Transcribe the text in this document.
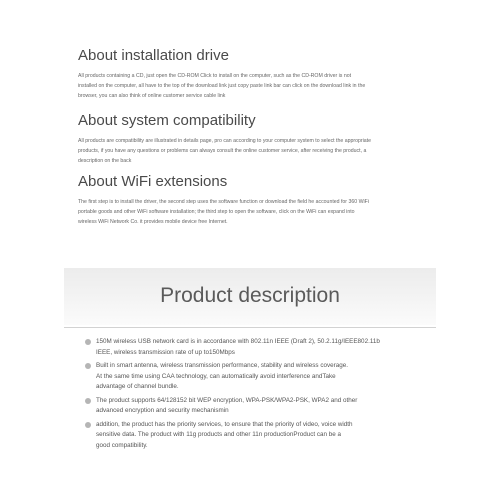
About installation drive

All products containing a CD, just open the CD-ROM Click to install on the computer, such as the CD-ROM driver is not
installed on the computer, all have to the top of the download link just copy paste link bar can click on the download link in the
browser, you can also think of online customer service cable link

About system compatibility

All products are compatibility are illustrated in details page, pro can according to your computer system to select the appropriate
products, if you have any questions or problems can always consult the online customer service, after receiving the product, a
description on the back

About WiFi extensions

The first step is to install the driver, the second step uses the software function or download the field he accounted for 360 WiFi
portable goods and other WiFi software installation; the third step to open the software, click on the WiFi can expand into
wireless WiFi Network Co. it provides mobile device free Internet.

Product description
150M wireless USB network card is in accordance with 802.11n IEEE (Draft 2), 50.2.11g/IEEE802.11b
IEEE, wireless transmission rate of up to150Mbps
Built in smart antenna, wireless transmission performance, stability and wireless coverage.
At the same time using CAA technology, can automatically avoid interference andTake
advantage of channel bundle.
The product supports 64/128152 bit WEP encryption, WPA-PSK/WPA2-PSK, WPA2 and other
advanced encryption and security mechanismin
addition, the product has the priority services, to ensure that the priority of video, voice width
sensitive data. The product with 11g products and other 11n productionProduct can be a
good compatibility.
